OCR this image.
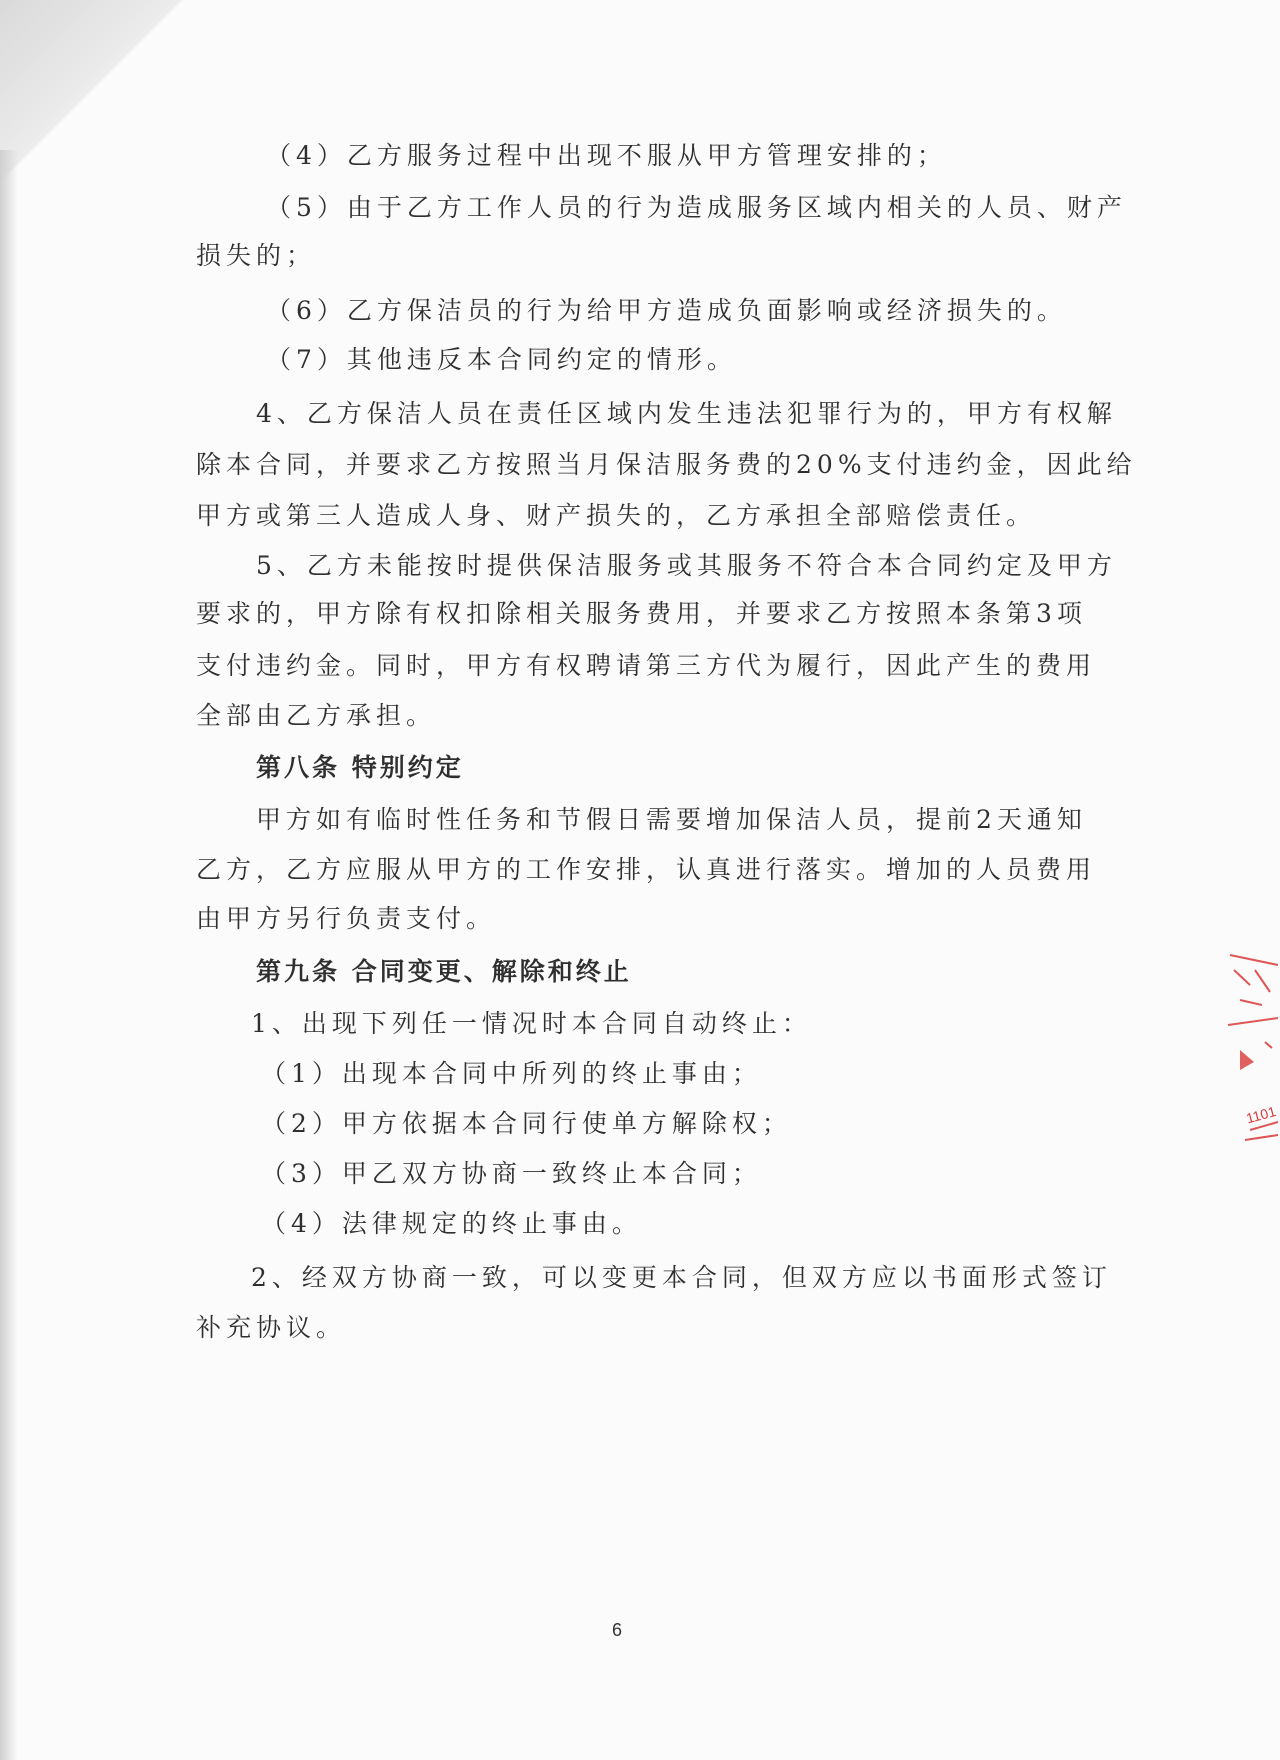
（4）乙方服务过程中出现不服从甲方管理安排的；
（5）由于乙方工作人员的行为造成服务区域内相关的人员、财产
损失的；
（6）乙方保洁员的行为给甲方造成负面影响或经济损失的。
（7）其他违反本合同约定的情形。
4、乙方保洁人员在责任区域内发生违法犯罪行为的，甲方有权解
除本合同，并要求乙方按照当月保洁服务费的20%支付违约金，因此给
甲方或第三人造成人身、财产损失的，乙方承担全部赔偿责任。
5、乙方未能按时提供保洁服务或其服务不符合本合同约定及甲方
要求的，甲方除有权扣除相关服务费用，并要求乙方按照本条第3项
支付违约金。同时，甲方有权聘请第三方代为履行，因此产生的费用
全部由乙方承担。
第八条 特别约定
甲方如有临时性任务和节假日需要增加保洁人员，提前2天通知
乙方，乙方应服从甲方的工作安排，认真进行落实。增加的人员费用
由甲方另行负责支付。
第九条 合同变更、解除和终止
1、出现下列任一情况时本合同自动终止：
（1）出现本合同中所列的终止事由；
（2）甲方依据本合同行使单方解除权；
（3）甲乙双方协商一致终止本合同；
（4）法律规定的终止事由。
2、经双方协商一致，可以变更本合同，但双方应以书面形式签订
补充协议。
1101
6
